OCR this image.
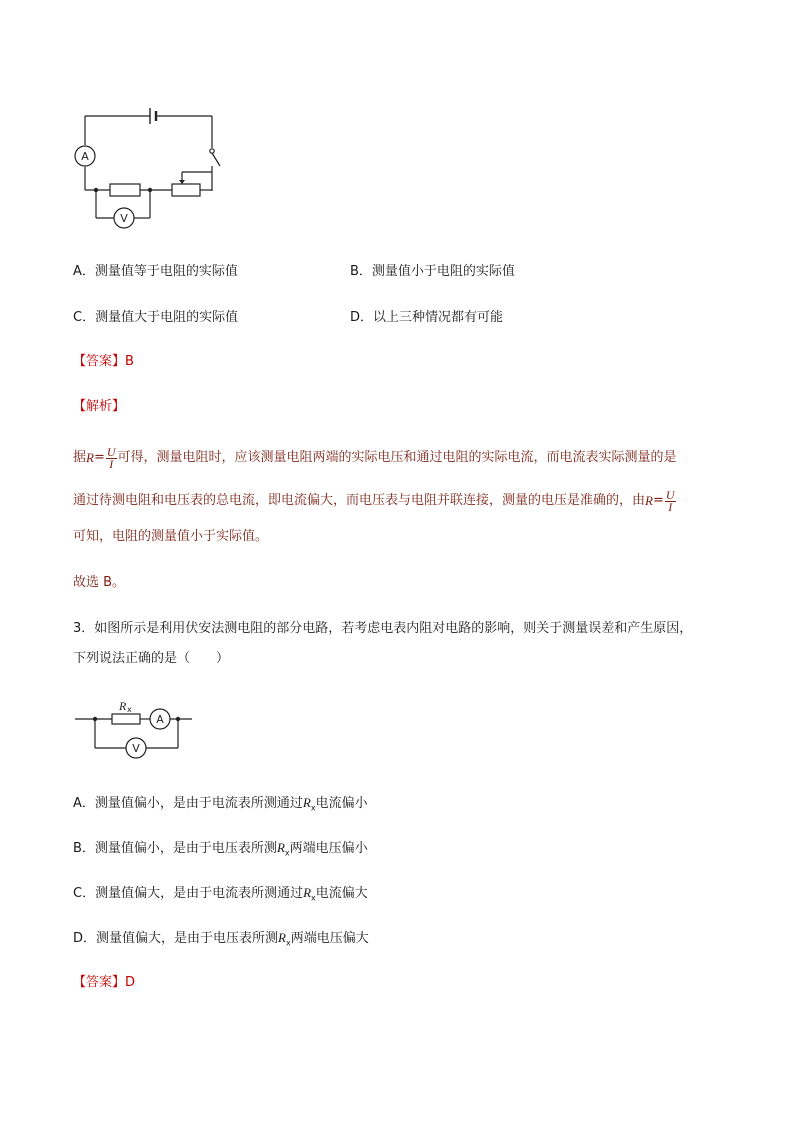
A
V
A．测量值等于电阻的实际值	B．测量值小于电阻的实际值
C．测量值大于电阻的实际值	D．以上三种情况都有可能
【答案】B
【解析】
据 $R = \frac{U}{I}$ 可得，测量电阻时，应该测量电阻两端的实际电压和通过电阻的实际电流，而电流表实际测量的是
通过待测电阻和电压表的总电流，即电流偏大，而电压表与电阻并联连接，测量的电压是准确的，由 $R = \frac{U}{I}$
可知，电阻的测量值小于实际值。
故选 B。
3．如图所示是利用伏安法测电阻的部分电路，若考虑电表内阻对电路的影响，则关于测量误差和产生原因，
下列说法正确的是（　　）
R x
A
V
A．测量值偏小，是由于电流表所测通过$R_x$电流偏小
B．测量值偏小，是由于电压表所测$R_x$两端电压偏小
C．测量值偏大，是由于电流表所测通过$R_x$电流偏大
D．测量值偏大，是由于电压表所测$R_x$两端电压偏大
【答案】D
